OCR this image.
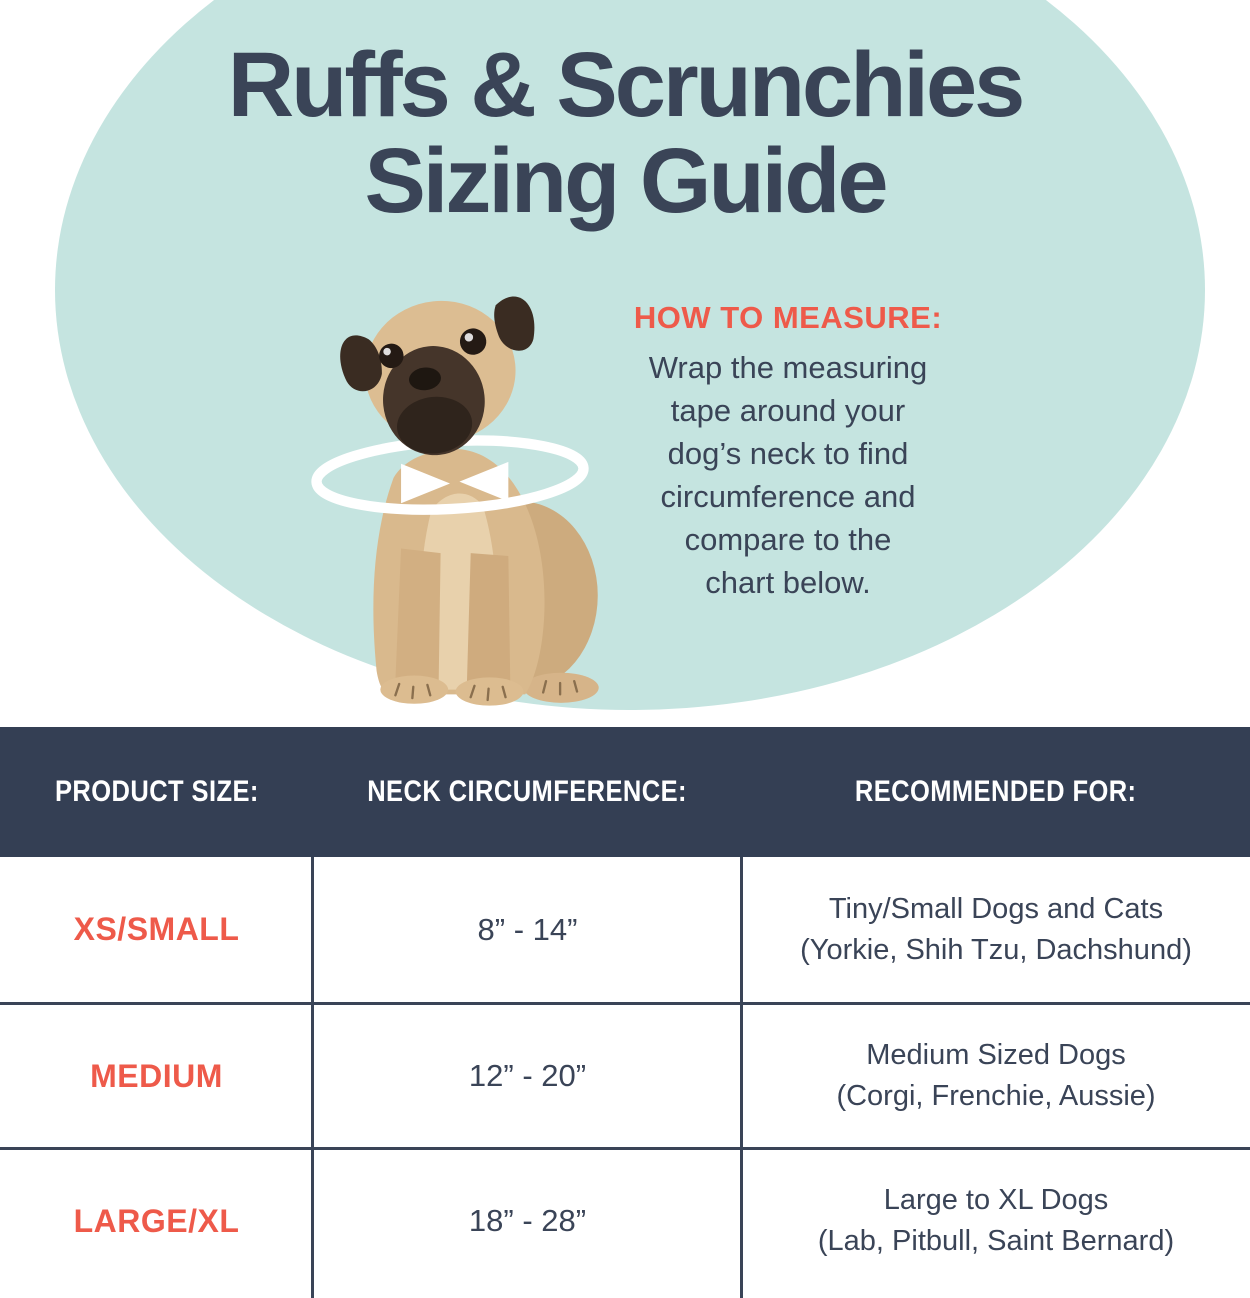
Ruffs & Scrunchies
Sizing Guide
HOW TO MEASURE:
Wrap the measuring
tape around your
dog’s neck to find
circumference and
compare to the
chart below.
PRODUCT SIZE:	NECK CIRCUMFERENCE:	RECOMMENDED FOR:
XS/SMALL	8” - 14”
Tiny/Small Dogs and Cats
(Yorkie, Shih Tzu, Dachshund)
MEDIUM	12” - 20”
Medium Sized Dogs
(Corgi, Frenchie, Aussie)
LARGE/XL	18” - 28”
Large to XL Dogs
(Lab, Pitbull, Saint Bernard)
